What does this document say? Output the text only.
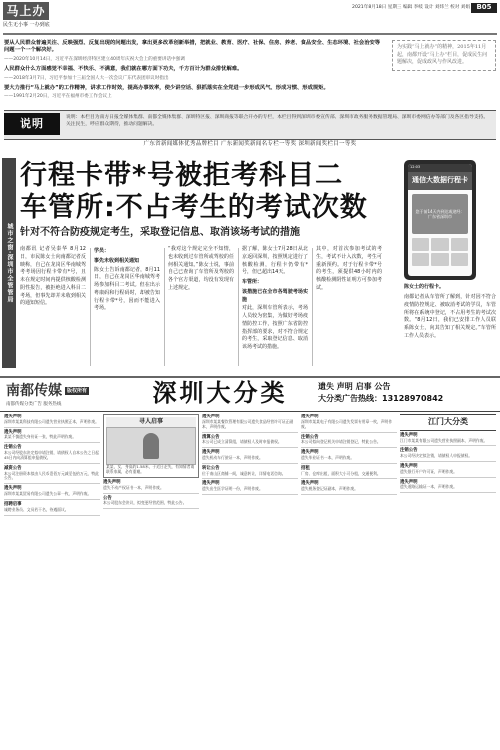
马上办
民生无小事 一办到底
2021年8月18日 星期三 编辑 李岐 设计 刘炜兰 校对 刘娟 B05
要从人民群众普遍关注、反映强烈、反复出现的问题出发，拿出更多改革创新举措，把就业、教育、医疗、社保、住房、养老、食品安全、生态环境、社会治安等问题一个一个解决好。
——2020年10月14日，习近平在深圳经济特区建立40周年庆祝大会上的重要讲话中强调
人民群众什么方面感觉不幸福、不快乐、不满意，我们就在哪方面下功夫，千方百计为群众排忧解难。
——2018年3月7日，习近平参加十三届全国人大一次会议广东代表团审议时指出
要大力推行“马上就办”的工作精神，讲求工作时效，提高办事效率，使少讲空话、狠抓落实在全党进一步形成风气、形成习惯、形成规矩。
——1991年2月20日，习近平在福州市委工作会议上
为实践“马上就办”的精神，2015年11月起，南都开设“马上办”栏目，促成民生问题解决，促成政风与作风改进。
说明	说明：本栏目为南方日报全媒体集群、南都全媒体集群、深圳特区报、深圳商报等联合开办的专栏，本栏目得到深圳市委宣传部、深圳市政务服务数据管理局、深圳市委网信办等部门及各区指导支持。关注民生，呼应群众期待，推动问题解决。
广东省新闻媒体优秀品牌栏目 广东新闻奖新闻名专栏一等奖 深圳新闻奖栏目一等奖
城市之窗·深圳市全管管局
行程卡带*号被拒考科目二
车管所:不占考生的考试次数
针对不符合防疫规定考生，采取登记信息、取消该场考试的措施
12:03
通信大数据行程卡
您于前14天内到达或途经：广东省深圳市
陈女士的行程卡。

南都讯 记者吴泰华 8月12日，市民陈女士向南都记者反映称，自己在龙岗区华南城驾考考场因行程卡带有*号，且未在规定时间内提供核酸检测阴性报告，被拒绝进入科目二考场，但事先却并未收到相关的通知短信。

学员：
事先未收到相关通知

陈女士告诉南都记者，8月11日，自己在龙岗区华南城驾考场参加科目二考试。但在出示粤康码和行程码时，却被告知行程卡带*号，因而不能进入考场。

“我对这个规定完全不知情，也未收到过车管所或驾校的任何相关通知。”陈女士说，事前自己已查询了车管所及驾校的各个官方渠道，均没有发现有上述规定。

据了解，陈女士7月28日从北京返回深圳，按照规定进行了核酸检测，行程卡仍带有*号，但已超出14天。

车管所：
该措施已在全市各驾驶考场实施

对此，深圳车管所表示，考场人员较为密集，为做好考场疫情防控工作，按照广东省防控指挥部的要求，对不符合规定的考生，采取登记信息、取消该场考试的措施。

其中，对首次参加考试的考生，考试不计入次数，考生可重新预约。对于行程卡带*号的考生，须提供48小时内的核酸检测阴性证明方可参加考试。

南都记者从车管所了解到，针对因不符合疫情防控规定、被取消考试的学员，车管所将在系统中登记，不占用考生的考试次数。“8月12日，我们已安排工作人员联系陈女士，向其告知了相关规定。”车管所工作人员表示。

南都传媒	版权所有
南都传媒分类广告 服务热线	深圳大分类	遗失 声明 启事 公告
大分类广告热线：13128970842
遗失声明
深圳市某某科技有限公司遗失营业执照正本，声明作废。
遗失声明
某某不慎遗失身份证一张，特此声明作废。
注销公告
本公司经股东决定拟申请注销，请债权人自本公告之日起45日内向清算组申报债权。
减资公告
本公司注册资本拟由人民币壹佰万元减至伍拾万元，特此公告。
遗失声明
深圳市某某贸易有限公司遗失公章一枚，声明作废。
招聘启事
诚聘业务员、文员若干名，待遇面议。
寻人启事
某某，女，身高约1.58米，于近日走失，有知情者请联系家属，必有重谢。
遗失声明
遗失不动产权证书一本，声明作废。
公告
本公司股东会决议，拟变更经营范围，特此公告。
遗失声明
深圳市某某餐饮管理有限公司遗失食品经营许可证正副本，声明作废。
清算公告
本公司已成立清算组，请债权人及时申报债权。
遗失声明
遗失机动车行驶证一本，声明作废。
转让公告
位于南山区商铺一间，诚意转让，详情电话咨询。
遗失声明
遗失出生医学证明一份，声明作废。
遗失声明
深圳市某某电子有限公司遗失发票专用章一枚，声明作废。
注销公告
本公司拟向登记机关申请注销登记，特此公告。
遗失声明
遗失毕业证书一本，声明作废。
招租
厂房、仓库出租，面积大小可分租，交通便利。
遗失声明
遗失税务登记证副本，声明作废。
江门大分类
遗失声明
江门市某某有限公司遗失营业执照副本，声明作废。
注销公告
本公司经决定拟注销，请债权人申报债权。
遗失声明
遗失银行开户许可证，声明作废。
遗失声明
遗失道路运输证一本，声明作废。
